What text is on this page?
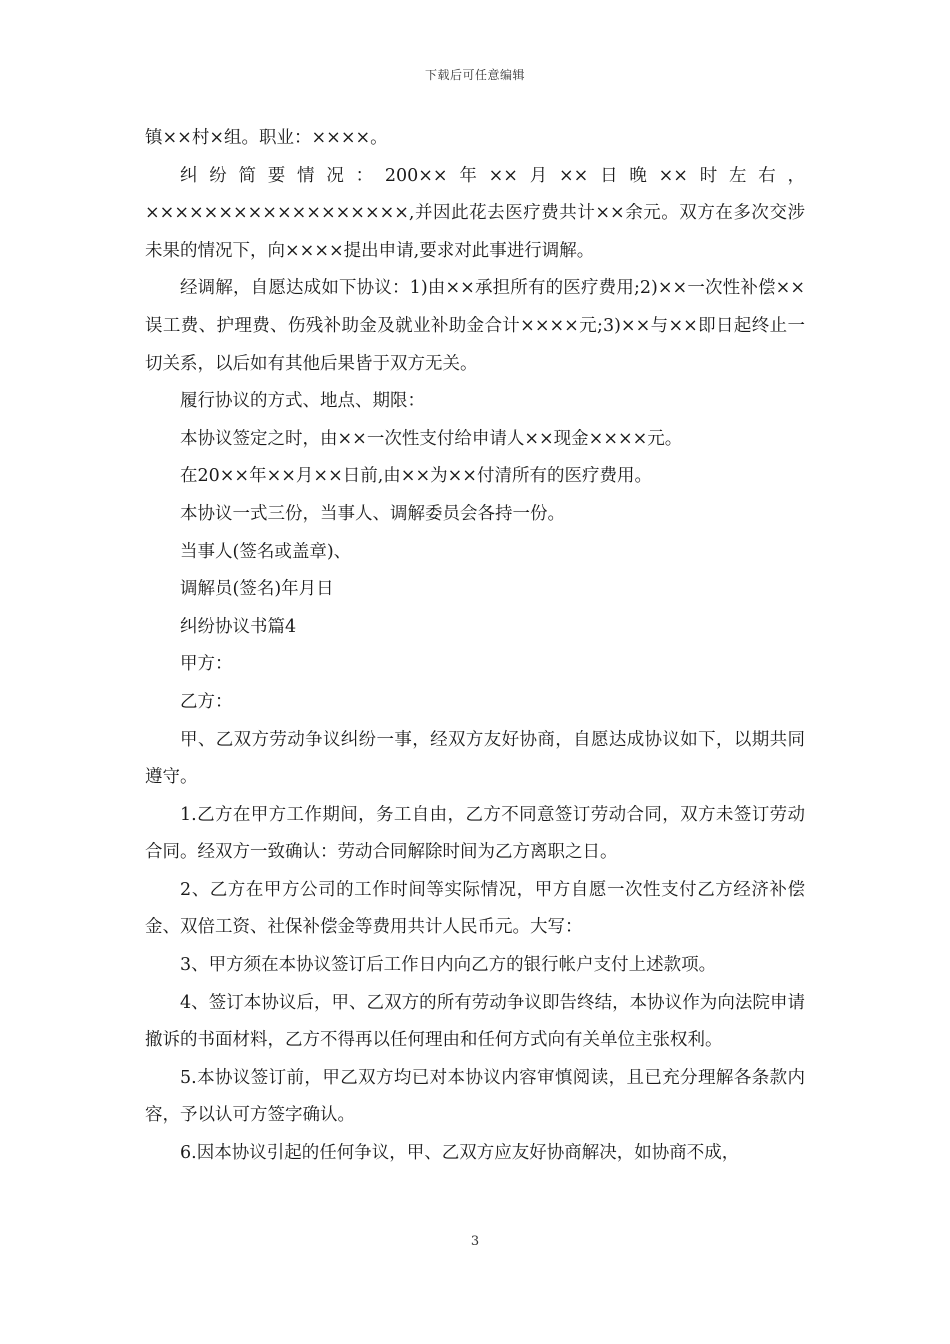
下载后可任意编辑

镇××村×组。职业：××××。

纠纷简要情况：200××年××月××日晚××时左右，××××××××××××××××××,并因此花去医疗费共计××余元。双方在多次交涉未果的情况下，向××××提出申请,要求对此事进行调解。

经调解，自愿达成如下协议：1)由××承担所有的医疗费用;2)××一次性补偿××误工费、护理费、伤残补助金及就业补助金合计××××元;3)××与××即日起终止一切关系，以后如有其他后果皆于双方无关。

履行协议的方式、地点、期限：

本协议签定之时，由××一次性支付给申请人××现金××××元。

在20××年××月××日前,由××为××付清所有的医疗费用。

本协议一式三份，当事人、调解委员会各持一份。

当事人(签名或盖章)、

调解员(签名)年月日

纠纷协议书篇4

甲方：

乙方：

甲、乙双方劳动争议纠纷一事，经双方友好协商，自愿达成协议如下，以期共同遵守。

1.乙方在甲方工作期间，务工自由，乙方不同意签订劳动合同，双方未签订劳动合同。经双方一致确认：劳动合同解除时间为乙方离职之日。

2、乙方在甲方公司的工作时间等实际情况，甲方自愿一次性支付乙方经济补偿金、双倍工资、社保补偿金等费用共计人民币元。大写：

3、甲方须在本协议签订后工作日内向乙方的银行帐户支付上述款项。

4、签订本协议后，甲、乙双方的所有劳动争议即告终结，本协议作为向法院申请撤诉的书面材料，乙方不得再以任何理由和任何方式向有关单位主张权利。

5.本协议签订前，甲乙双方均已对本协议内容审慎阅读，且已充分理解各条款内容，予以认可方签字确认。

6.因本协议引起的任何争议，甲、乙双方应友好协商解决，如协商不成，

3
